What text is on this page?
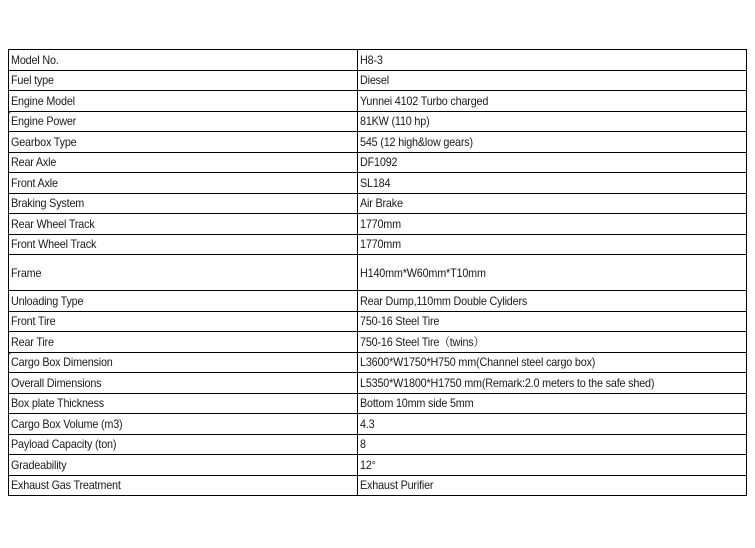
Model No.	H8-3
Fuel type	Diesel
Engine Model	Yunnei 4102 Turbo charged
Engine Power	81KW (110 hp)
Gearbox Type	545 (12 high&low gears)
Rear Axle	DF1092
Front Axle	SL184
Braking System	Air Brake
Rear Wheel Track	1770mm
Front Wheel Track	1770mm
Frame	H140mm*W60mm*T10mm
Unloading Type	Rear Dump,110mm Double Cyliders
Front Tire	750-16 Steel Tire
Rear Tire	750-16 Steel Tire（twins）
Cargo Box Dimension	L3600*W1750*H750 mm(Channel steel cargo box)
Overall Dimensions	L5350*W1800*H1750 mm(Remark:2.0 meters to the safe shed)
Box plate Thickness	Bottom 10mm side 5mm
Cargo Box Volume (m3)	4.3
Payload Capacity (ton)	8
Gradeability	12°
Exhaust Gas Treatment	Exhaust Purifier
